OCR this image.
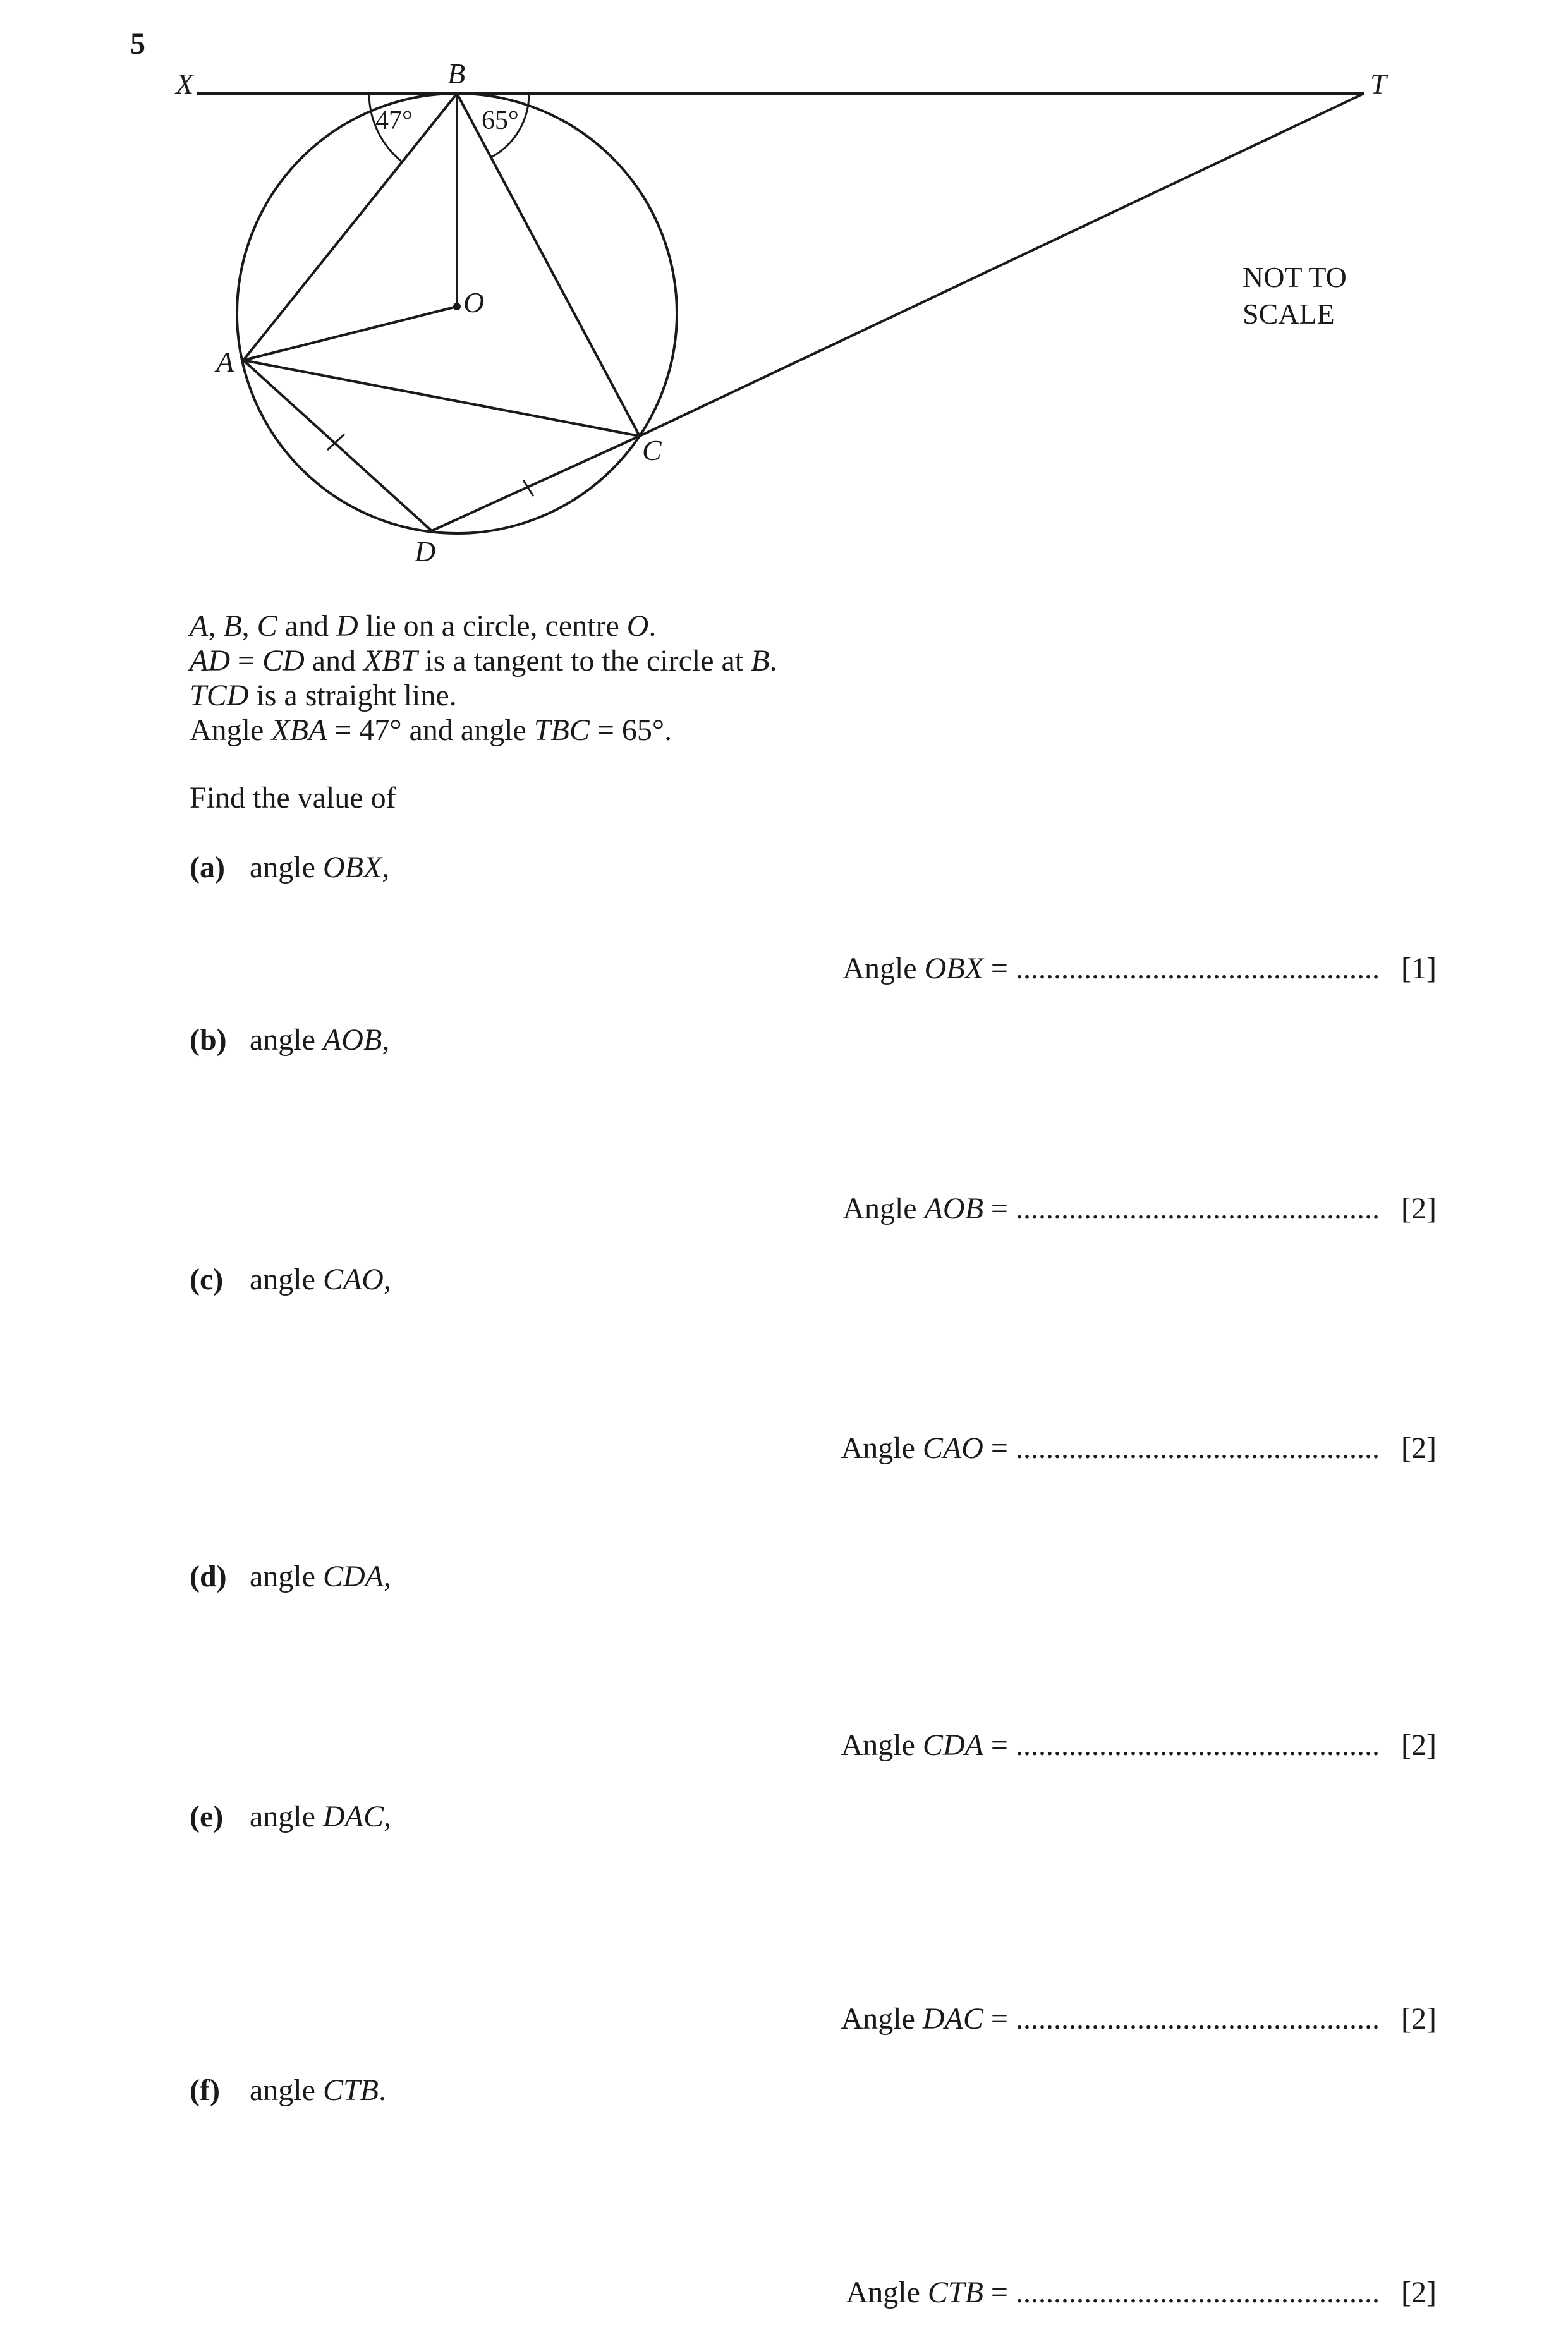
5
X	B	T
O
A
C
D
47°	65°
NOT TO
SCALE
A, B, C and D lie on a circle, centre O.
AD = CD and XBT is a tangent to the circle at B.
TCD is a straight line.
Angle XBA = 47° and angle TBC = 65°.
Find the value of
(a) angle OBX,
Angle OBX = ................................................ [1]
(b) angle AOB,
Angle AOB = ................................................ [2]
(c) angle CAO,
Angle CAO = ................................................ [2]
(d) angle CDA,
Angle CDA = ................................................ [2]
(e) angle DAC,
Angle DAC = ................................................ [2]
(f) angle CTB.
Angle CTB = ................................................ [2]
